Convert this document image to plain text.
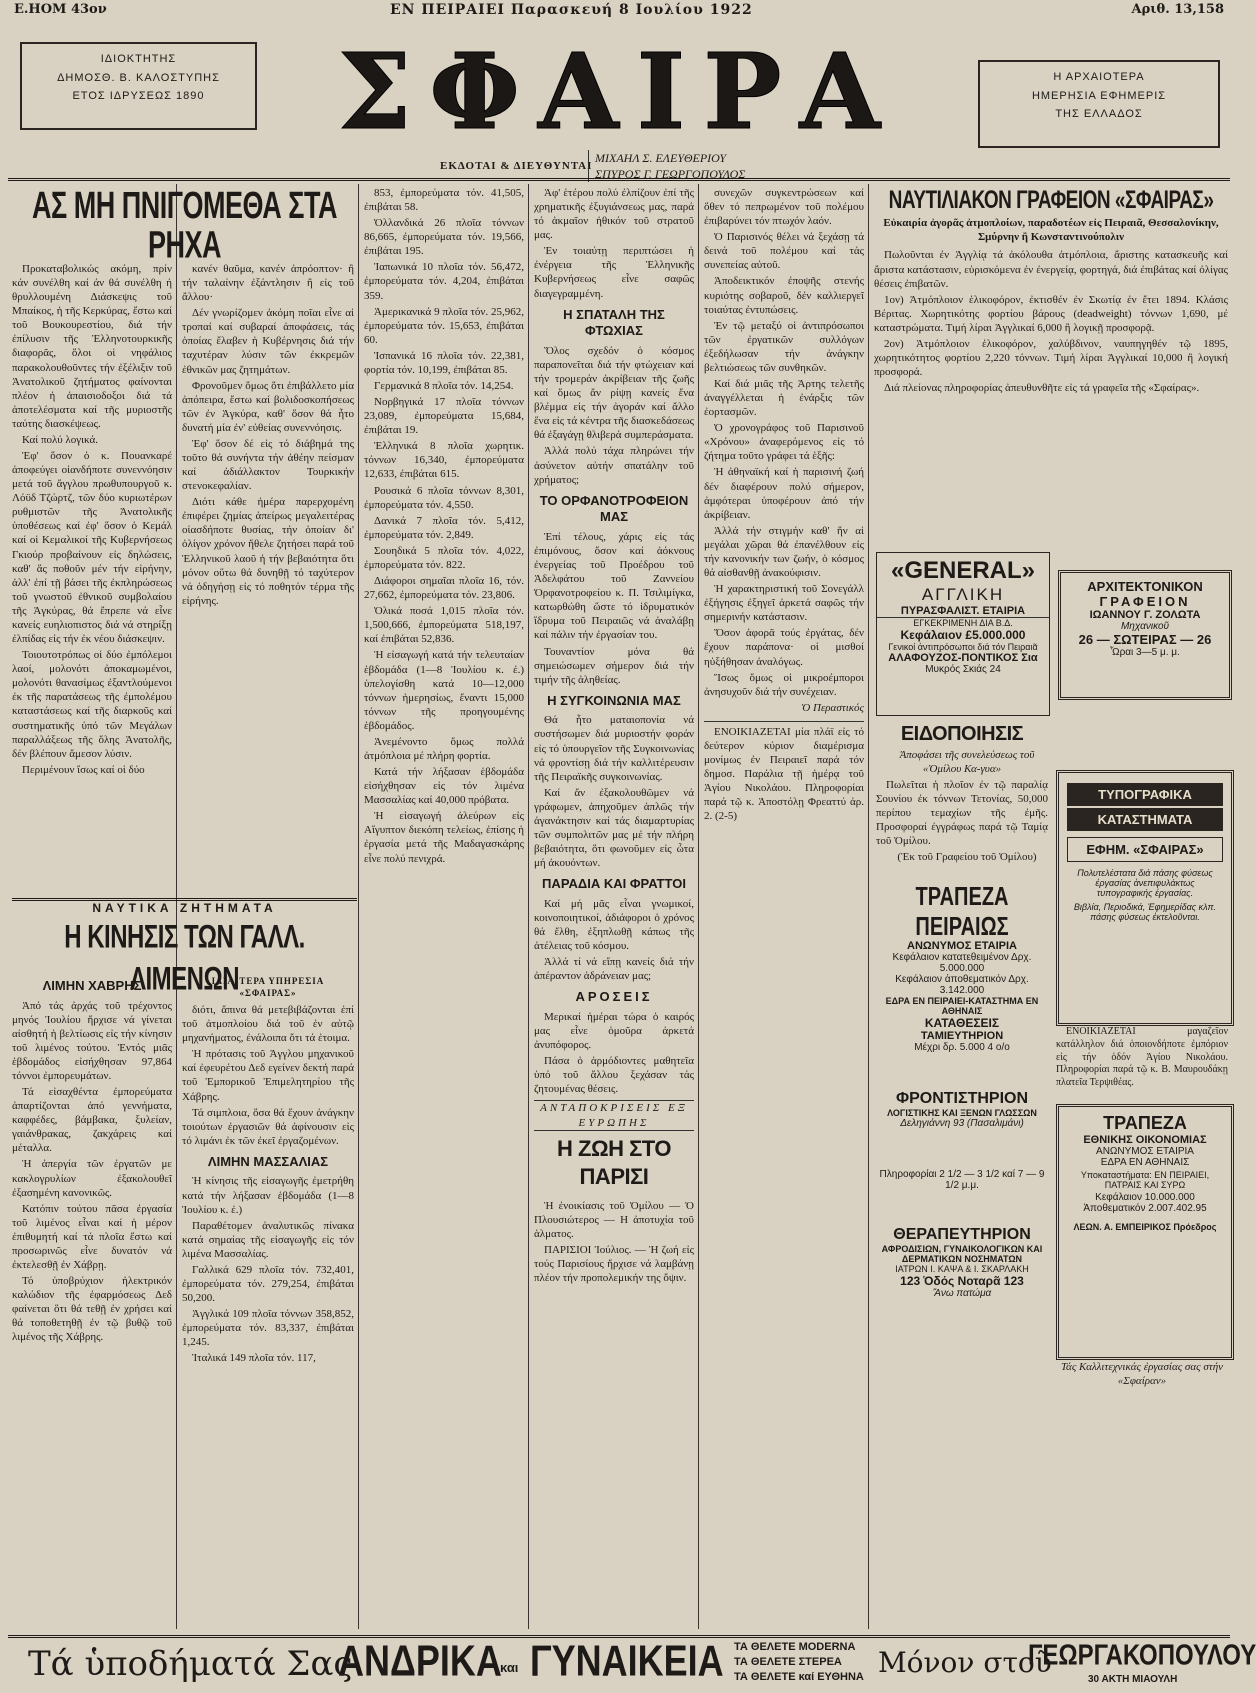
Ε.ΗΟΜ 43ον	ΕΝ ΠΕΙΡΑΙΕΙ Παρασκευή 8 Ιουλίου 1922	Αριθ. 13,158
ΙΔΙΟΚΤΗΤΗΣ
ΔΗΜΟΣΘ. Β. ΚΑΛΟΣΤΥΠΗΣ
ΕΤΟΣ ΙΔΡΥΣΕΩΣ 1890	ΣΦΑΙΡΑ
ΕΚΔΟΤΑΙ & ΔΙΕΥΘΥΝΤΑΙ
ΜΙΧΑΗΛ Σ. ΕΛΕΥΘΕΡΙΟΥ
ΣΠΥΡΟΣ Γ. ΓΕΩΡΓΟΠΟΥΛΟΣ
Η ΑΡΧΑΙΟΤΕΡΑ
ΗΜΕΡΗΣΙΑ ΕΦΗΜΕΡΙΣ
ΤΗΣ ΕΛΛΑΔΟΣ
ΑΣ ΜΗ ΠΝΙΓΟΜΕΘΑ ΣΤΑ ΡΗΧΑ

Προκαταβολικώς ακόμη, πρίν κάν συνέλθη καί άν θά συνέλθη ή θρυλλουμένη Διάσκεψις τοῦ Μπαίκος, ἡ τῆς Κερκύρας, ἔστω καί τοῦ Βουκουρεστίου, διά τήν ἐπίλυσιν τῆς Ἑλληνοτουρκικῆς διαφορᾶς, ὅλοι οἱ νηφάλιος παρακολουθοῦντες τήν ἐξέλιξιν τοῦ Ἀνατολικοῦ ζητήματος φαίνονται πλέον ἠ ἀπαισιοδοξοι διά τά ἀποτελέσματα καί τῆς μυριοστῆς ταύτης διασκέψεως.

Καί πολύ λογικά.

Ἐφ' ὅσον ὁ κ. Πουανκαρέ ἀποφεύγει οἰανδήποτε συνεννόησιν μετά τοῦ ἄγγλου πρωθυπουργοῦ κ. Λόϋδ Τζώρτζ, τῶν δύο κυριωτέρων ρυθμιστῶν τῆς Ἀνατολικῆς ὑποθέσεως καί ἐφ' ὅσον ὁ Κεμάλ καί οἱ Κεμαλικοί τῆς Κυβερνήσεως Γκιούρ προβαίνουν εἰς δηλώσεις, καθ' ἅς ποθοῦν μέν τήν εἰρήνην, ἀλλ' ἐπί τῇ βάσει τῆς ἐκπληρώσεως τοῦ γνωστοῦ ἐθνικοῦ συμβολαίου τῆς Ἀγκύρας, θά ἔπρεπε νά εἶνε κανείς ευηλιοπιστος διά νά στηρίξῃ ἐλπίδας εἰς τήν ἐκ νέου διάσκεψιν.

Τοιουτοτρόπως οἱ δύο ἐμπόλεμοι λαοί, μολονότι ἀποκαμωμένοι, μολονότι θανασίμως ἐξαντλούμενοι ἐκ τῆς παρατάσεως τῆς ἐμπολέμου καταστάσεως καί τῆς διαρκοῦς καί συστηματικῆς ὑπό τῶν Μεγάλων παραλλάξεως τῆς ὅλης Ἀνατολῆς, δέν βλέπουν ἄμεσον λύσιν.

Περιμένουν ἴσως καί οἱ δύο

ΝΑΥΤΙΚΑ ΖΗΤΗΜΑΤΑ
Η ΚΙΝΗΣΙΣ ΤΩΝ ΓΑΛΛ. ΛΙΜΕΝΩΝ
ΛΙΜΗΝ ΧΑΒΡΗΣ

Ἀπό τάς ἀρχάς τοῦ τρέχοντος μηνός Ἰουλίου ἤρχισε νά γίνεται αἰσθητή ἡ βελτίωσις εἰς τήν κίνησιν τοῦ λιμένος τούτου. Ἐντός μιᾶς ἑβδομάδος εἰσήχθησαν 97,864 τόννοι ἐμπορευμάτων.

Τά εἰσαχθέντα ἐμπορεύματα ἀπαρτίζονται ἀπό γεννήματα, καφφέδες, βάμβακα, ξυλείαν, γαιάνθρακας, ζακχάρεις καί μέταλλα.

Ἡ ἀπεργία τῶν ἐργατῶν με κακλογρυλίων ἐξακολουθεῖ ἐξασημένη κανονικῶς.

Κατόπιν τούτου πᾶσα ἐργασία τοῦ λιμένος εἶναι καί ἡ μέρον ἐπιθυμητή καί τά πλοῖα ἔστω καί προσωρινῶς εἶνε δυνατόν νά ἐκτελεσθῇ ἐν Χάβρῃ.

Τό ὑποβρύχιον ἠλεκτρικόν καλώδιον τῆς ἐφαρμόσεως Δεδ φαίνεται ὅτι θά τεθῇ ἐν χρήσει καί θά τοποθετηθῇ ἐν τῷ βυθῷ τοῦ λιμένος τῆς Χάβρης.

κανέν θαῦμα, κανέν ἀπρόοπτον· ἢ τήν ταλαίνην ἐξάντλησιν ἢ εἰς τοῦ ἄλλου·

Δέν γνωρίζομεν ἀκόμη ποῖαι εἶνε αἱ τροπαί καί συβαραί ἀποφάσεις, τάς ὁποίας ἔλαβεν ἡ Κυβέρνησις διά τήν ταχυτέραν λύσιν τῶν ἐκκρεμῶν ἐθνικῶν μας ζητημάτων.

Φρονοῦμεν ὅμως ὅτι ἐπιβάλλετο μία ἀπόπειρα, ἔστω καί βολιδοσκοπήσεως τῶν ἐν Ἀγκύρα, καθ' ὅσον θά ἦτο δυνατή μία ἐν' εὐθείας συνεννόησις.

Ἐφ' ὅσον δέ εἰς τό διάβημά της τοῦτο θά συνήντα τήν ἀθέην πείσμαν καί ἀδιάλλακτον Τουρκικήν στενοκεφαλίαν.

Διότι κάθε ἡμέρα παρερχομένη ἐπιφέρει ζημίας ἀπείρως μεγαλειτέρας οἱασδήποτε θυσίας, τήν ὁποίαν δι' ὀλίγον χρόνον ἤθελε ζητήσει παρά τοῦ Ἑλληνικοῦ λαοῦ ἡ τήν βεβαιότητα ὅτι μόνον οὕτω θά δυνηθῇ τό ταχύτερον νά ὁδηγήσῃ εἰς τό ποθητόν τέρμα τῆς εἰρήνης.

ΙΔΙΑΙΤΕΡΑ ΥΠΗΡΕΣΙΑ «ΣΦΑΙΡΑΣ»

διότι, ἅπινα θά μετεβιβάζονται ἐπί τοῦ ἀτμοπλοίου διά τοῦ ἐν αὐτῷ μηχανήματος, ἐνάλοιπα ὅτι τά ἐτοιμα.

Ἡ πρότασις τοῦ Ἀγγλου μηχανικοῦ καί ἐφευρέτου Δεδ εγείνεν δεκτή παρά τοῦ Ἐμπορικοῦ Ἐπιμελητηρίου τῆς Χάβρης.

Τά σιμπλοια, ὅσα θά ἔχουν ἀνάγκην τοιούτων ἐργασιῶν θά ἀφίνουσιν εἰς τό λιμάνι ἐκ τῶν ἐκεῖ ἐργαζομένων.

ΛΙΜΗΝ ΜΑΣΣΑΛΙΑΣ

Ἡ κίνησις τῆς εἰσαγωγῆς ἐμετρήθη κατά τήν λήξασαν ἑβδομάδα (1—8 Ἰουλίου κ. ἐ.)

Παραθέτομεν ἀναλυτικῶς πίνακα κατά σημαίας τῆς εἰσαγωγῆς εἰς τόν λιμένα Μασσαλίας.

Γαλλικά 629 πλοῖα τόν. 732,401, ἐμπορεύματα τόν. 279,254, ἐπιβάται 50,200.

Ἀγγλικά 109 πλοῖα τόννων 358,852, ἐμπορεύματα τόν. 83,337, ἐπιβάται 1,245.

Ἰταλικά 149 πλοῖα τόν. 117,

853, ἐμπορεύματα τόν. 41,505, ἐπιβάται 58.

Ὀλλανδικά 26 πλοῖα τόννων 86,665, ἐμπορεύματα τόν. 19,566, ἐπιβάται 195.

Ἰαπωνικά 10 πλοῖα τόν. 56,472, ἐμπορεύματα τόν. 4,204, ἐπιβάται 359.

Ἀμερικανικά 9 πλοῖα τόν. 25,962, ἐμπορεύματα τόν. 15,653, ἐπιβάται 60.

Ἱσπανικά 16 πλοῖα τόν. 22,381, φορτία τόν. 10,199, ἐπιβάται 85.

Γερμανικά 8 πλοῖα τόν. 14,254.

Νορβηγικά 17 πλοῖα τόννων 23,089, ἐμπορεύματα 15,684, ἐπιβάται 19.

Ἑλληνικά 8 πλοῖα χωρητικ. τόννων 16,340, ἐμπορεύματα 12,633, ἐπιβάται 615.

Ρουσικά 6 πλοῖα τόννων 8,301, ἐμπορεύματα τόν. 4,550.

Δανικά 7 πλοῖα τόν. 5,412, ἐμπορεύματα τόν. 2,849.

Σουηδικά 5 πλοῖα τόν. 4,022, ἐμπορεύματα τόν. 822.

Διάφοροι σημαῖαι πλοῖα 16, τόν. 27,662, ἐμπορεύματα τόν. 23,806.

Ὁλικά ποσά 1,015 πλοῖα τόν. 1,500,666, ἐμπορεύματα 518,197, καί ἐπιβάται 52,836.

Ἡ εἰσαγωγή κατά τήν τελευταίαν ἑβδομάδα (1—8 Ἰουλίου κ. ἐ.) ὑπελογίσθη κατά 10—12,000 τόννων ἡμερησίως, ἔναντι 15,000 τόννων τῆς προηγουμένης ἑβδομάδος.

Ἀνεμένοντο ὅμως πολλά ἀτμόπλοια μέ πλήρη φορτία.

Κατά τήν λήξασαν ἑβδομάδα εἰσήχθησαν εἰς τόν λιμένα Μασσαλίας καί 40,000 πρόβατα.

Ἡ εἰσαγωγή ἀλεύρων εἰς Αἴγυπτον διεκόπη τελείως, ἐπίσης ἡ ἐργασία μετά τῆς Μαδαγασκάρης εἶνε πολύ πενιχρά.

Ἀφ' ἑτέρου πολύ ἐλπίζουν ἐπί τῆς χρηματικῆς ἐξυγιάνσεως μας, παρά τό ἀκμαῖον ἠθικόν τοῦ στρατοῦ μας.

Ἐν τοιαύτῃ περιπτώσει ἡ ἐνέργεια τῆς Ἑλληνικῆς Κυβερνήσεως εἶνε σαφῶς διαγεγραμμένη.

Η ΣΠΑΤΑΛΗ ΤΗΣ ΦΤΩΧΙΑΣ

Ὅλος σχεδόν ὁ κόσμος παραπονεῖται διά τήν φτώχειαν καί τήν τρομεράν ἀκρίβειαν τῆς ζωῆς καί ὅμως ἄν ρίψῃ κανείς ἕνα βλέμμα εἰς τήν ἀγοράν καί ἄλλο ἕνα εἰς τά κέντρα τῆς διασκεδάσεως θά ἐξαγάγῃ θλιβερά συμπεράσματα.

Ἀλλά πολύ τάχα πληρώνει τήν ἀσύνετον αὐτήν σπατάλην τοῦ χρήματος;

ΤΟ ΟΡΦΑΝΟΤΡΟΦΕΙΟΝ ΜΑΣ

Ἐπί τέλους, χάρις εἰς τάς ἐπιμόνους, ὅσον καί ἀόκνους ἐνεργείας τοῦ Προέδρου τοῦ Ἀδελφάτου τοῦ Ζαννείου Ὀρφανοτροφείου κ. Π. Τσιλιμίγκα, κατωρθώθη ὥστε τό ἱδρυματικόν ἵδρυμα τοῦ Πειραιῶς νά ἀναλάβῃ καί πάλιν τήν ἐργασίαν του.

Τουναντίον μόνα θά σημειώσωμεν σήμερον διά τήν τιμήν τῆς ἀληθείας.

Η ΣΥΓΚΟΙΝΩΝΙΑ ΜΑΣ

Θά ἦτο ματαιοπονία νά συστήσωμεν διά μυριοστήν φοράν εἰς τό ὑπουργεῖον τῆς Συγκοινωνίας νά φροντίσῃ διά τήν καλλιτέρευσιν τῆς Πειραϊκῆς συγκοινωνίας.

Καί ἄν ἐξακολουθῶμεν νά γράφωμεν, ἀπηχοῦμεν ἁπλῶς τήν ἀγανάκτησιν καί τάς διαμαρτυρίας τῶν συμπολιτῶν μας μέ τήν πλήρη βεβαιότητα, ὅτι φωνοῦμεν εἰς ὦτα μή ἀκουόντων.

ΠΑΡΑΔΙΑ ΚΑΙ ΦΡΑΤΤΟΙ

Καί μή μᾶς εἶναι γνωμικοί, κοινοποιητικοί, ἀδιάφοροι ὁ χρόνος θά ἔλθη, ἐξηπλωθῇ κάπως τῆς ἀτέλειας τοῦ κόσμου.

Ἀλλά τί νά εἴπῃ κανείς διά τήν ἀπέραντον ἀδράνειαν μας;

ΑΡΟΣΕΙΣ

Μερικαί ἡμέραι τώρα ὁ καιρός μας εἶνε ὁμοῦρα ἀρκετά ἀνυπόφορος.

Πάσα ὁ ἀρμόδιοντες μαθητεῖα ὑπό τοῦ ἄλλου ξεχάσαν τάς ζητουμένας θέσεις.

ΑΝΤΑΠΟΚΡΙΣΕΙΣ ΕΞ ΕΥΡΩΠΗΣ
Η ΖΩΗ ΣΤΟ ΠΑΡΙΣΙ

Ἡ ἐνοικίασις τοῦ Ὁμίλου — Ὁ Πλουσιώτερος — Η ἀποτυχία τοῦ ἁλματος.

ΠΑΡΙΣΙΟΙ Ἰούλιος. — Ἡ ζωή εἰς τούς Παρισίους ἤρχισε νά λαμβάνῃ πλέον τήν προπολεμικήν της ὄψιν.

συνεχῶν συγκεντρώσεων καί ὅθεν τό πεπρωμένον τοῦ πολέμου ἐπιβαρύνει τόν πτωχόν λαόν.

Ὁ Παρισινός θέλει νά ξεχάσῃ τά δεινά τοῦ πολέμου καί τάς συνεπείας αὐτοῦ.

Ἀποδεικτικόν ἐποψῆς στενής κυριότης σοβαροῦ, δέν καλλιεργεῖ τοιαύτας ἐντυπώσεις.

Ἐν τῷ μεταξύ οἱ ἀντιπρόσωποι τῶν ἐργατικῶν συλλόγων ἐξεδήλωσαν τήν ἀνάγκην βελτιώσεως τῶν συνθηκῶν.

Καί διά μιᾶς τῆς Ἀρτης τελετῆς ἀναγγέλλεται ἡ ἐνάρξις τῶν ἐορτασμῶν.

Ὁ χρονογράφος τοῦ Παρισινοῦ «Χρόνου» ἀναφερόμενος εἰς τό ζήτημα τοῦτο γράφει τά ἑξῆς:

Ἡ ἀθηναϊκή καί ἡ παρισινή ζωή δέν διαφέρουν πολύ σήμερον, ἀμφότεραι ὑποφέρουν ἀπό τήν ἀκρίβειαν.

Ἀλλά τήν στιγμήν καθ' ἥν αἱ μεγάλαι χῶραι θά ἐπανέλθουν εἰς τήν κανονικήν των ζωήν, ὁ κόσμος θά αἰσθανθῇ ἀνακούφισιν.

Ἡ χαρακτηριστική τοῦ Σονεγάλλ ἐξήγησις ἐξηγεῖ ἀρκετά σαφῶς τήν σημερινήν κατάστασιν.

Ὅσον ἀφορᾶ τούς ἐργάτας, δέν ἔχουν παράπονα· οἱ μισθοί ηὐξήθησαν ἀναλόγως.

Ἴσως ὅμως οἱ μικροέμποροι ἀνησυχοῦν διά τήν συνέχειαν.

Ὁ Περαστικός

ΕΝΟΙΚΙΑΖΕΤΑΙ μία πλάϊ εἰς τό δεύτερον κύριον διαμέρισμα μονίμως ἐν Πειραιεῖ παρά τόν δημοσ. Παράλια τῇ ἡμέρᾳ τοῦ Ἁγίου Νικολάου. Πληροφορίαι παρά τῷ κ. Ἀποστόλῃ Φρεαττύ ἀρ. 2. (2-5)

ΝΑΥΤΙΛΙΑΚΟΝ ΓΡΑΦΕΙΟΝ «ΣΦΑΙΡΑΣ»
Εὐκαιρία ἀγορᾶς ἀτμοπλοίων, παραδοτέων εἰς Πειραιᾶ, Θεσσαλονίκην, Σμύρνην ἢ Κωνσταντινούπολιν

Πωλοῦνται ἐν Ἀγγλίᾳ τά ἀκόλουθα ἀτμόπλοια, ἄριστης κατασκευῆς καί ἄριστα κατάστασιν, εὑρισκόμενα ἐν ἐνεργείᾳ, φορτηγά, διά ἐπιβάτας καί ὀλίγας θέσεις ἐπιβατῶν.

1ον) Ἀτμόπλοιον ἑλικοφόρον, ἐκτισθέν ἐν Σκωτίᾳ ἐν ἔτει 1894. Κλάσις Βέριτας. Χωρητικότης φορτίου βάρους (deadweight) τόννων 1,690, μέ καταστρώματα. Τιμή λίραι Ἀγγλικαί 6,000 ἢ λογικῇ προσφορᾷ.

2ον) Ἀτμόπλοιον ἑλικοφόρον, χαλύβδινον, ναυπηγηθέν τῷ 1895, χωρητικότητος φορτίου 2,220 τόννων. Τιμή λίραι Ἀγγλικαί 10,000 ἢ λογική προσφορά.

Διά πλείονας πληροφορίας ἀπευθυνθῆτε εἰς τά γραφεῖα τῆς «Σφαίρας».

«GENERAL»
ΑΓΓΛΙΚΗ
ΠΥΡΑΣΦΑΛΙΣΤ. ΕΤΑΙΡΙΑ
ΕΓΚΕΚΡΙΜΕΝΗ ΔΙΑ Β.Δ.
Κεφάλαιον £5.000.000
Γενικοί ἀντιπρόσωποι διά τόν Πειραιᾶ
ΑΛΑΦΟΥΖΟΣ-ΠΟΝΤΙΚΟΣ Σια
Μυκρός Σκιάς 24
ΑΡΧΙΤΕΚΤΟΝΙΚΟΝ
ΓΡΑΦΕΙΟΝ
ΙΩΑΝΝΟΥ Γ. ΖΟΛΩΤΑ
Μηχανικοῦ
26 — ΣΩΤΕΙΡΑΣ — 26
Ὧραι 3—5 μ. μ.
ΕΙΔΟΠΟΙΗΣΙΣ

Ἀποφάσει τῆς συνελεύσεως τοῦ «Ὁμίλου Κα-γυα»

Πωλεῖται ἡ πλοῖον ἐν τῷ παραλίᾳ Σουνίου ἐκ τόννων Τετονίας, 50,000 περίπου τεμαχίων τῆς ἐμῆς. Προσφοραί ἐγγράφως παρά τῷ Ταμίᾳ τοῦ Ὁμίλου.

(Ἐκ τοῦ Γραφείου τοῦ Ὁμίλου)

ΤΥΠΟΓΡΑΦΙΚΑ
ΚΑΤΑΣΤΗΜΑΤΑ
ΕΦΗΜ. «ΣΦΑΙΡΑΣ»
Πολυτελέστατα διά πάσης φύσεως ἐργασίας ἀνεπιφυλάκτως τυπογραφικής ἐργασίας.
Βιβλία, Περιοδικά, Ἐφημερίδας κλπ. πάσης φύσεως ἐκτελοῦνται.
ΤΡΑΠΕΖΑ ΠΕΙΡΑΙΩΣ
ΑΝΩΝΥΜΟΣ ΕΤΑΙΡΙΑ
Κεφάλαιον κατατεθειμένον Δρχ. 5.000.000
Κεφάλαιον ἀποθεματικόν Δρχ. 3.142.000
ΕΔΡΑ ΕΝ ΠΕΙΡΑΙΕΙ-ΚΑΤΑΣΤΗΜΑ ΕΝ ΑΘΗΝΑΙΣ
ΚΑΤΑΘΕΣΕΙΣ
ΤΑΜΙΕΥΤΗΡΙΟΝ
Μέχρι δρ. 5.000 4 ο/ο

ΕΝΟΙΚΙΑΖΕΤΑΙ μαγαζεῖον κατάλληλον διά ὁποιονδήποτε ἐμπόριον εἰς τήν ὁδόν Ἁγίου Νικολάου. Πληροφορίαι παρά τῷ κ. Β. Μαυρουδάκῃ πλατεῖα Τερψιθέας.

ΦΡΟΝΤΙΣΤΗΡΙΟΝ
ΛΟΓΙΣΤΙΚΗΣ ΚΑΙ ΞΕΝΩΝ ΓΛΩΣΣΩΝ
Δεληγιάννη 93 (Πασαλιμάνι)
Πληροφορίαι 2 1/2 — 3 1/2 καί 7 — 9 1/2 μ.μ.
ΤΡΑΠΕΖΑ
ΕΘΝΙΚΗΣ ΟΙΚΟΝΟΜΙΑΣ
ΑΝΩΝΥΜΟΣ ΕΤΑΙΡΙΑ
ΕΔΡΑ ΕΝ ΑΘΗΝΑΙΣ
Υποκαταστήματα: ΕΝ ΠΕΙΡΑΙΕΙ, ΠΑΤΡΑΙΣ ΚΑΙ ΣΥΡΩ
Κεφάλαιον 10.000.000
Ἀποθεματικόν 2.007.402.95
ΛΕΩΝ. Α. ΕΜΠΕΙΡΙΚΟΣ Πρόεδρος
ΘΕΡΑΠΕΥΤΗΡΙΟΝ
ΑΦΡΟΔΙΣΙΩΝ, ΓΥΝΑΙΚΟΛΟΓΙΚΩΝ ΚΑΙ ΔΕΡΜΑΤΙΚΩΝ ΝΟΣΗΜΑΤΩΝ
ΙΑΤΡΩΝ Ι. ΚΑΨΑ & Ι. ΣΚΑΡΛΑΚΗ
123 Ὁδός Νοταρᾶ 123
Ἄνω πατώμα
Τάς Καλλιτεχνικάς ἐργασίας σας στήν «Σφαίραν»
Τά ὑποδήματά Σας
ΑΝΔΡΙΚΑ
και ΓΥΝΑΙΚΕΙΑ ΤΑ ΘΕΛΕΤΕ MODERNA
ΤΑ ΘΕΛΕΤΕ ΣΤΕΡΕΑ
ΤΑ ΘΕΛΕΤΕ καί ΕΥΘΗΝΑ Μόνον στοῦ
ΓΕΩΡΓΑΚΟΠΟΥΛΟΥ
30 ΑΚΤΗ ΜΙΑΟΥΛΗ
